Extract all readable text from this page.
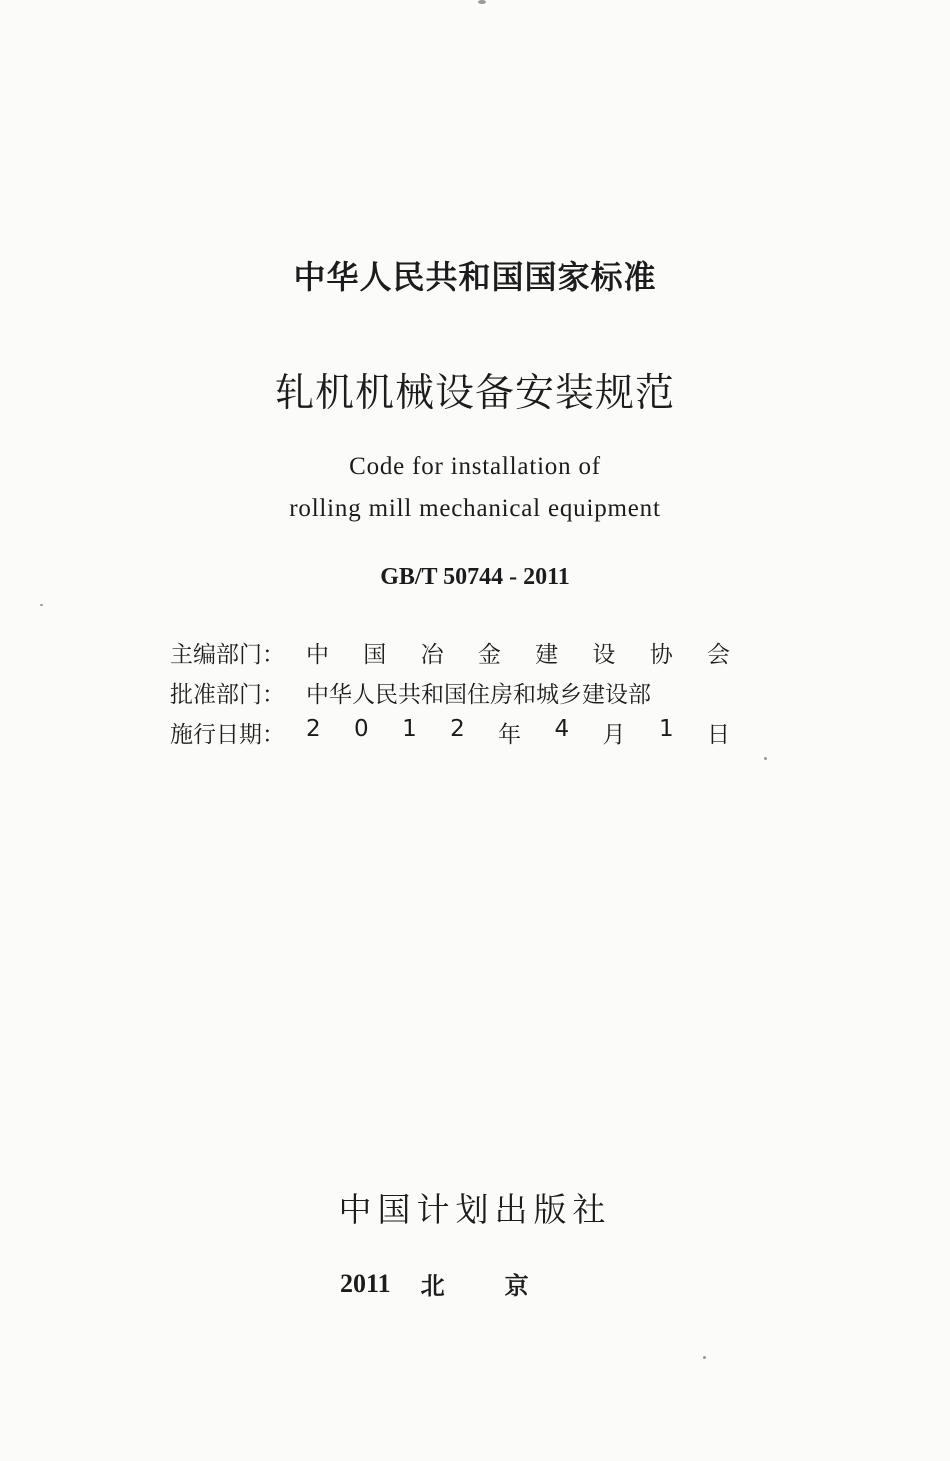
中华人民共和国国家标准
轧机机械设备安装规范
Code for installation of
rolling mill mechanical equipment
GB/T 50744 - 2011
主编部门： 中 国 冶 金 建 设 协 会
批准部门： 中华人民共和国住房和城乡建设部
施行日期： 2 0 1 2 年 4 月 1 日
中国计划出版社
2011 北	京
